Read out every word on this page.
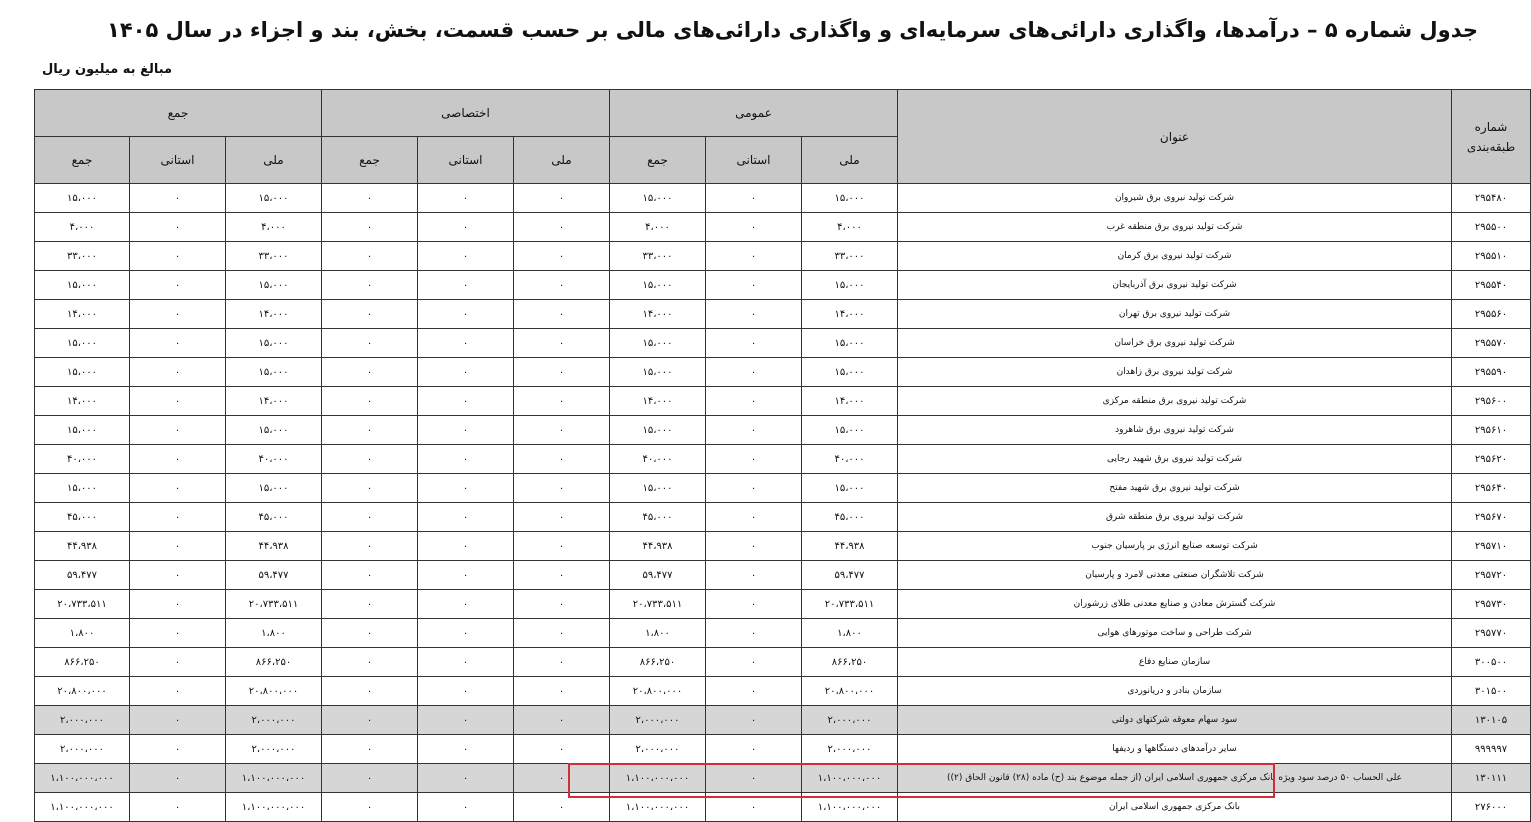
جدول شماره ۵ – درآمدها، واگذاری دارائی‌های سرمایه‌ای و واگذاری دارائی‌های مالی بر حسب قسمت، بخش، بند و اجزاء در سال ۱۴۰۵
مبالغ به میلیون ریال
شماره طبقه‌بندی	عنوان	عمومی			اختصاصی			جمع		
		ملی	استانی	جمع	ملی	استانی	جمع	ملی	استانی	جمع
۲۹۵۴۸۰	شرکت تولید نیروی برق شیروان	۱۵،۰۰۰	۰	۱۵،۰۰۰	۰	۰	۰	۱۵،۰۰۰	۰	۱۵،۰۰۰
۲۹۵۵۰۰	شرکت تولید نیروی برق منطقه غرب	۴،۰۰۰	۰	۴،۰۰۰	۰	۰	۰	۴،۰۰۰	۰	۴،۰۰۰
۲۹۵۵۱۰	شرکت تولید نیروی برق کرمان	۳۳،۰۰۰	۰	۳۳،۰۰۰	۰	۰	۰	۳۳،۰۰۰	۰	۳۳،۰۰۰
۲۹۵۵۴۰	شرکت تولید نیروی برق آذربایجان	۱۵،۰۰۰	۰	۱۵،۰۰۰	۰	۰	۰	۱۵،۰۰۰	۰	۱۵،۰۰۰
۲۹۵۵۶۰	شرکت تولید نیروی برق تهران	۱۴،۰۰۰	۰	۱۴،۰۰۰	۰	۰	۰	۱۴،۰۰۰	۰	۱۴،۰۰۰
۲۹۵۵۷۰	شرکت تولید نیروی برق خراسان	۱۵،۰۰۰	۰	۱۵،۰۰۰	۰	۰	۰	۱۵،۰۰۰	۰	۱۵،۰۰۰
۲۹۵۵۹۰	شرکت تولید نیروی برق زاهدان	۱۵،۰۰۰	۰	۱۵،۰۰۰	۰	۰	۰	۱۵،۰۰۰	۰	۱۵،۰۰۰
۲۹۵۶۰۰	شرکت تولید نیروی برق منطقه مرکزی	۱۴،۰۰۰	۰	۱۴،۰۰۰	۰	۰	۰	۱۴،۰۰۰	۰	۱۴،۰۰۰
۲۹۵۶۱۰	شرکت تولید نیروی برق شاهرود	۱۵،۰۰۰	۰	۱۵،۰۰۰	۰	۰	۰	۱۵،۰۰۰	۰	۱۵،۰۰۰
۲۹۵۶۲۰	شرکت تولید نیروی برق شهید رجایی	۴۰،۰۰۰	۰	۴۰،۰۰۰	۰	۰	۰	۴۰،۰۰۰	۰	۴۰،۰۰۰
۲۹۵۶۴۰	شرکت تولید نیروی برق شهید مفتح	۱۵،۰۰۰	۰	۱۵،۰۰۰	۰	۰	۰	۱۵،۰۰۰	۰	۱۵،۰۰۰
۲۹۵۶۷۰	شرکت تولید نیروی برق منطقه شرق	۴۵،۰۰۰	۰	۴۵،۰۰۰	۰	۰	۰	۴۵،۰۰۰	۰	۴۵،۰۰۰
۲۹۵۷۱۰	شرکت توسعه صنایع انرژی بر پارسیان جنوب	۴۴،۹۳۸	۰	۴۴،۹۳۸	۰	۰	۰	۴۴،۹۳۸	۰	۴۴،۹۳۸
۲۹۵۷۲۰	شرکت تلاشگران صنعتی معدنی لامرد و پارسیان	۵۹،۴۷۷	۰	۵۹،۴۷۷	۰	۰	۰	۵۹،۴۷۷	۰	۵۹،۴۷۷
۲۹۵۷۳۰	شرکت گسترش معادن و صنایع معدنی طلای زرشوران	۲۰،۷۳۳،۵۱۱	۰	۲۰،۷۳۳،۵۱۱	۰	۰	۰	۲۰،۷۳۳،۵۱۱	۰	۲۰،۷۳۳،۵۱۱
۲۹۵۷۷۰	شرکت طراحی و ساخت موتورهای هوایی	۱،۸۰۰	۰	۱،۸۰۰	۰	۰	۰	۱،۸۰۰	۰	۱،۸۰۰
۳۰۰۵۰۰	سازمان صنایع دفاع	۸۶۶،۲۵۰	۰	۸۶۶،۲۵۰	۰	۰	۰	۸۶۶،۲۵۰	۰	۸۶۶،۲۵۰
۳۰۱۵۰۰	سازمان بنادر و دریانوردی	۲۰،۸۰۰،۰۰۰	۰	۲۰،۸۰۰،۰۰۰	۰	۰	۰	۲۰،۸۰۰،۰۰۰	۰	۲۰،۸۰۰،۰۰۰
۱۳۰۱۰۵	سود سهام معوقه شرکتهای دولتی	۲،۰۰۰،۰۰۰	۰	۲،۰۰۰،۰۰۰	۰	۰	۰	۲،۰۰۰،۰۰۰	۰	۲،۰۰۰،۰۰۰
۹۹۹۹۹۷	سایر درآمدهای دستگاهها و ردیفها	۲،۰۰۰،۰۰۰	۰	۲،۰۰۰،۰۰۰	۰	۰	۰	۲،۰۰۰،۰۰۰	۰	۲،۰۰۰،۰۰۰
۱۳۰۱۱۱	علی الحساب ۵۰ درصد سود ویژه بانک مرکزی جمهوری اسلامی ایران (از جمله موضوع بند (ح) ماده (۲۸) قانون الحاق (۲))	۱،۱۰۰،۰۰۰،۰۰۰	۰	۱،۱۰۰،۰۰۰،۰۰۰	۰	۰	۰	۱،۱۰۰،۰۰۰،۰۰۰	۰	۱،۱۰۰،۰۰۰،۰۰۰
۲۷۶۰۰۰	بانک مرکزی جمهوری اسلامی ایران	۱،۱۰۰،۰۰۰،۰۰۰	۰	۱،۱۰۰،۰۰۰،۰۰۰	۰	۰	۰	۱،۱۰۰،۰۰۰،۰۰۰	۰	۱،۱۰۰،۰۰۰،۰۰۰
